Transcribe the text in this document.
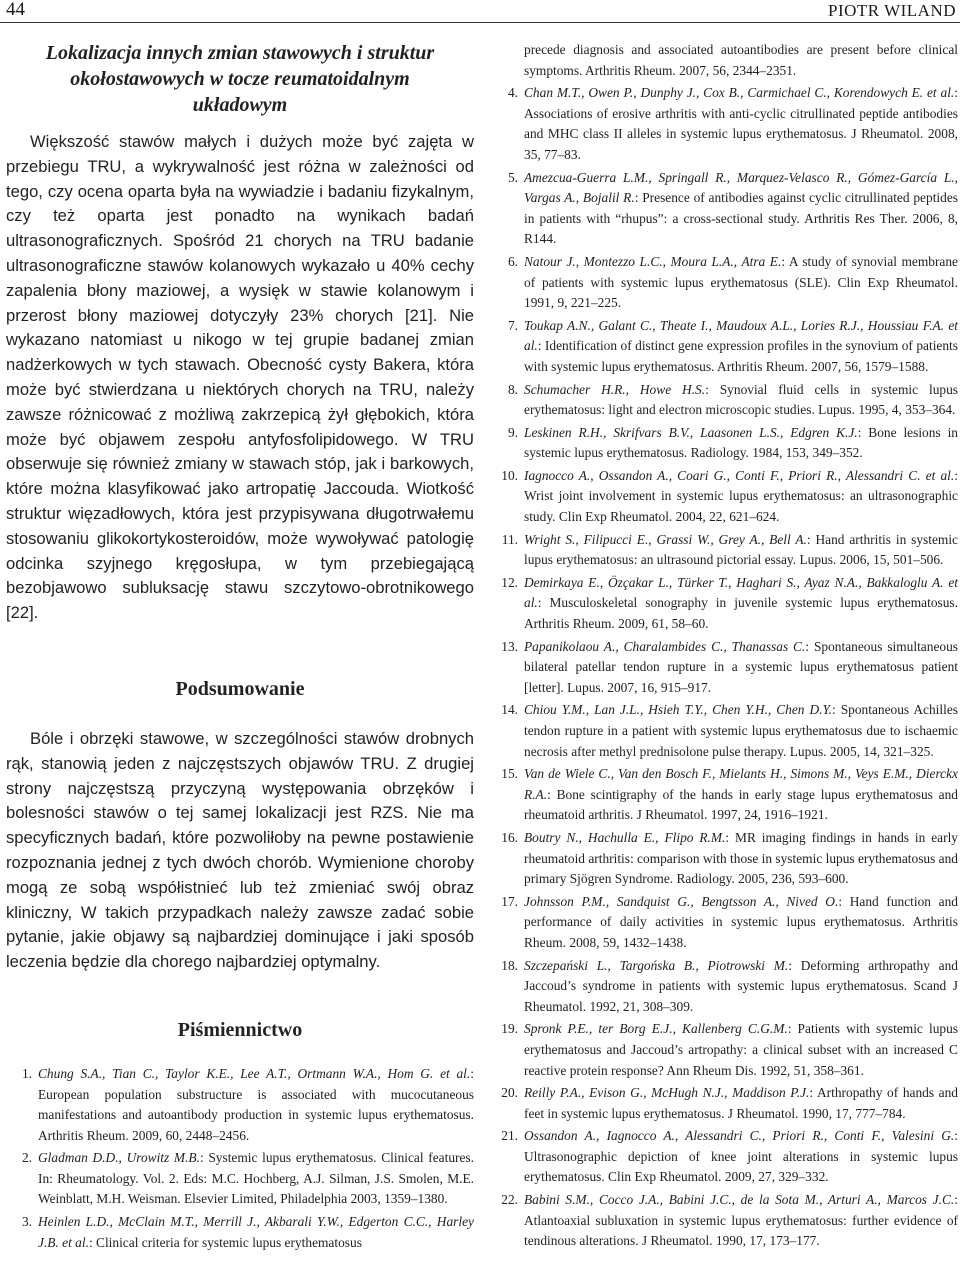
44	PIOTR WILAND
Lokalizacja innych zmian stawowych i struktur
okołostawowych w tocze reumatoidalnym
układowym

Większość stawów małych i dużych może być zajęta w przebiegu TRU, a wykrywalność jest różna w zależności od tego, czy ocena oparta była na wywiadzie i badaniu fizykalnym, czy też oparta jest ponadto na wynikach badań ultrasonograficznych. Spośród 21 chorych na TRU badanie ultrasonograficzne stawów kolanowych wykazało u 40% cechy zapalenia błony maziowej, a wysięk w stawie kolanowym i przerost błony maziowej dotyczyły 23% chorych [21]. Nie wykazano natomiast u nikogo w tej grupie badanej zmian nadżerkowych w tych stawach. Obecność cysty Bakera, która może być stwierdzana u niektórych chorych na TRU, należy zawsze różnicować z możliwą zakrzepicą żył głębokich, która może być objawem zespołu antyfosfolipidowego. W TRU obserwuje się również zmiany w stawach stóp, jak i barkowych, które można klasyfikować jako artropatię Jaccouda. Wiotkość struktur więzadłowych, która jest przypisywana długotrwałemu stosowaniu glikokortykosteroidów, może wywoływać patologię odcinka szyjnego kręgosłupa, w tym przebiegającą bezobjawowo subluksację stawu szczytowo-obrotnikowego [22].

Podsumowanie

Bóle i obrzęki stawowe, w szczególności stawów drobnych rąk, stanowią jeden z najczęstszych objawów TRU. Z drugiej strony najczęstszą przyczyną występowania obrzęków i bolesności stawów o tej samej lokalizacji jest RZS. Nie ma specyficznych badań, które pozwoliłoby na pewne postawienie rozpoznania jednej z tych dwóch chorób. Wymienione choroby mogą ze sobą współistnieć lub też zmieniać swój obraz kliniczny, W takich przypadkach należy zawsze zadać sobie pytanie, jakie objawy są najbardziej dominujące i jaki sposób leczenia będzie dla chorego najbardziej optymalny.

Piśmiennictwo
1. Chung S.A., Tian C., Taylor K.E., Lee A.T., Ortmann W.A., Hom G. et al.: European population substructure is associated with mucocutaneous manifestations and autoantibody production in systemic lupus erythematosus. Arthritis Rheum. 2009, 60, 2448–2456.
2. Gladman D.D., Urowitz M.B.: Systemic lupus erythematosus. Clinical features. In: Rheumatology. Vol. 2. Eds: M.C. Hochberg, A.J. Silman, J.S. Smolen, M.E. Weinblatt, M.H. Weisman. Elsevier Limited, Philadelphia 2003, 1359–1380.
3. Heinlen L.D., McClain M.T., Merrill J., Akbarali Y.W., Edgerton C.C., Harley J.B. et al.: Clinical criteria for systemic lupus erythematosus
precede diagnosis and associated autoantibodies are present before clinical symptoms. Arthritis Rheum. 2007, 56, 2344–2351.
4. Chan M.T., Owen P., Dunphy J., Cox B., Carmichael C., Korendowych E. et al.: Associations of erosive arthritis with anti-cyclic citrullinated peptide antibodies and MHC class II alleles in systemic lupus erythematosus. J Rheumatol. 2008, 35, 77–83.
5. Amezcua-Guerra L.M., Springall R., Marquez-Velasco R., Gómez-García L., Vargas A., Bojalil R.: Presence of antibodies against cyclic citrullinated peptides in patients with “rhupus”: a cross-sectional study. Arthritis Res Ther. 2006, 8, R144.
6. Natour J., Montezzo L.C., Moura L.A., Atra E.: A study of synovial membrane of patients with systemic lupus erythematosus (SLE). Clin Exp Rheumatol. 1991, 9, 221–225.
7. Toukap A.N., Galant C., Theate I., Maudoux A.L., Lories R.J., Houssiau F.A. et al.: Identification of distinct gene expression profiles in the synovium of patients with systemic lupus erythematosus. Arthritis Rheum. 2007, 56, 1579–1588.
8. Schumacher H.R., Howe H.S.: Synovial fluid cells in systemic lupus erythematosus: light and electron microscopic studies. Lupus. 1995, 4, 353–364.
9. Leskinen R.H., Skrifvars B.V., Laasonen L.S., Edgren K.J.: Bone lesions in systemic lupus erythematosus. Radiology. 1984, 153, 349–352.
10. Iagnocco A., Ossandon A., Coari G., Conti F., Priori R., Alessandri C. et al.: Wrist joint involvement in systemic lupus erythematosus: an ultrasonographic study. Clin Exp Rheumatol. 2004, 22, 621–624.
11. Wright S., Filipucci E., Grassi W., Grey A., Bell A.: Hand arthritis in systemic lupus erythematosus: an ultrasound pictorial essay. Lupus. 2006, 15, 501–506.
12. Demirkaya E., Özçakar L., Türker T., Haghari S., Ayaz N.A., Bakkaloglu A. et al.: Musculoskeletal sonography in juvenile systemic lupus erythematosus. Arthritis Rheum. 2009, 61, 58–60.
13. Papanikolaou A., Charalambides C., Thanassas C.: Spontaneous simultaneous bilateral patellar tendon rupture in a systemic lupus erythematosus patient [letter]. Lupus. 2007, 16, 915–917.
14. Chiou Y.M., Lan J.L., Hsieh T.Y., Chen Y.H., Chen D.Y.: Spontaneous Achilles tendon rupture in a patient with systemic lupus erythematosus due to ischaemic necrosis after methyl prednisolone pulse therapy. Lupus. 2005, 14, 321–325.
15. Van de Wiele C., Van den Bosch F., Mielants H., Simons M., Veys E.M., Dierckx R.A.: Bone scintigraphy of the hands in early stage lupus erythematosus and rheumatoid arthritis. J Rheumatol. 1997, 24, 1916–1921.
16. Boutry N., Hachulla E., Flipo R.M.: MR imaging findings in hands in early rheumatoid arthritis: comparison with those in systemic lupus erythematosus and primary Sjögren Syndrome. Radiology. 2005, 236, 593–600.
17. Johnsson P.M., Sandquist G., Bengtsson A., Nived O.: Hand function and performance of daily activities in systemic lupus erythematosus. Arthritis Rheum. 2008, 59, 1432–1438.
18. Szczepański L., Targońska B., Piotrowski M.: Deforming arthropathy and Jaccoud’s syndrome in patients with systemic lupus erythematosus. Scand J Rheumatol. 1992, 21, 308–309.
19. Spronk P.E., ter Borg E.J., Kallenberg C.G.M.: Patients with systemic lupus erythematosus and Jaccoud’s artropathy: a clinical subset with an increased C reactive protein response? Ann Rheum Dis. 1992, 51, 358–361.
20. Reilly P.A., Evison G., McHugh N.J., Maddison P.J.: Arthropathy of hands and feet in systemic lupus erythematosus. J Rheumatol. 1990, 17, 777–784.
21. Ossandon A., Iagnocco A., Alessandri C., Priori R., Conti F., Valesini G.: Ultrasonographic depiction of knee joint alterations in systemic lupus erythematosus. Clin Exp Rheumatol. 2009, 27, 329–332.
22. Babini S.M., Cocco J.A., Babini J.C., de la Sota M., Arturi A., Marcos J.C.: Atlantoaxial subluxation in systemic lupus erythematosus: further evidence of tendinous alterations. J Rheumatol. 1990, 17, 173–177.
